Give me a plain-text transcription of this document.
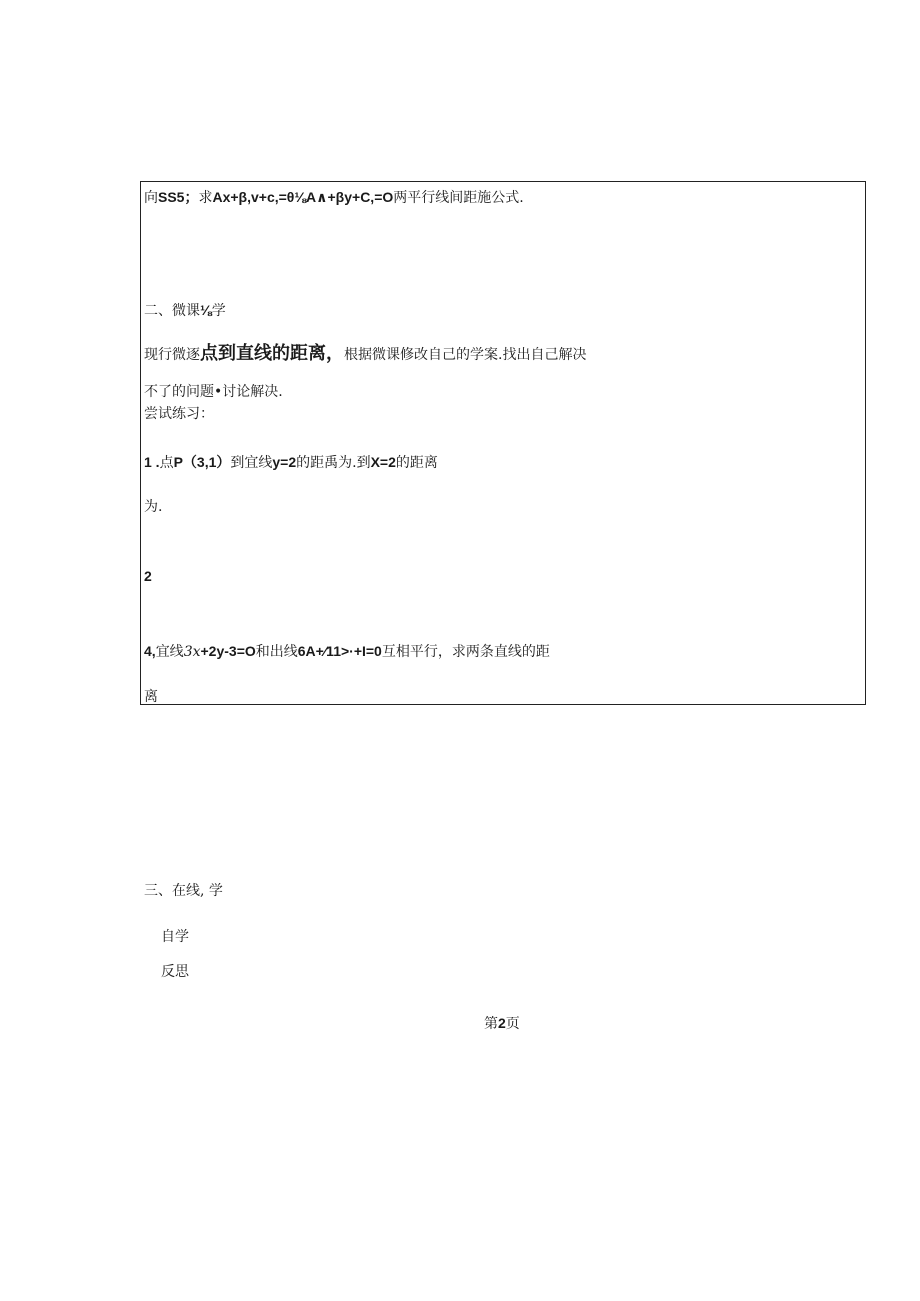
向SS5；求Ax+β,v+c,=θ⅛A∧+βy+C,=O两平行线间距施公式.
二、微课⅛学
现行微逐点到直线的距离，根据微课修改自己的学案.找出自己解决
不了的问题•讨论解决.
尝试练习：
1 .点P（3,1）到宜线y=2的距禹为.到X=2的距离
为.
2
4,宜线3x+2y-3=O和出线6A+⁄11>·+I=0互相平行，求两条直线的距
离
三、在线, 学
自学
反思
第2页
